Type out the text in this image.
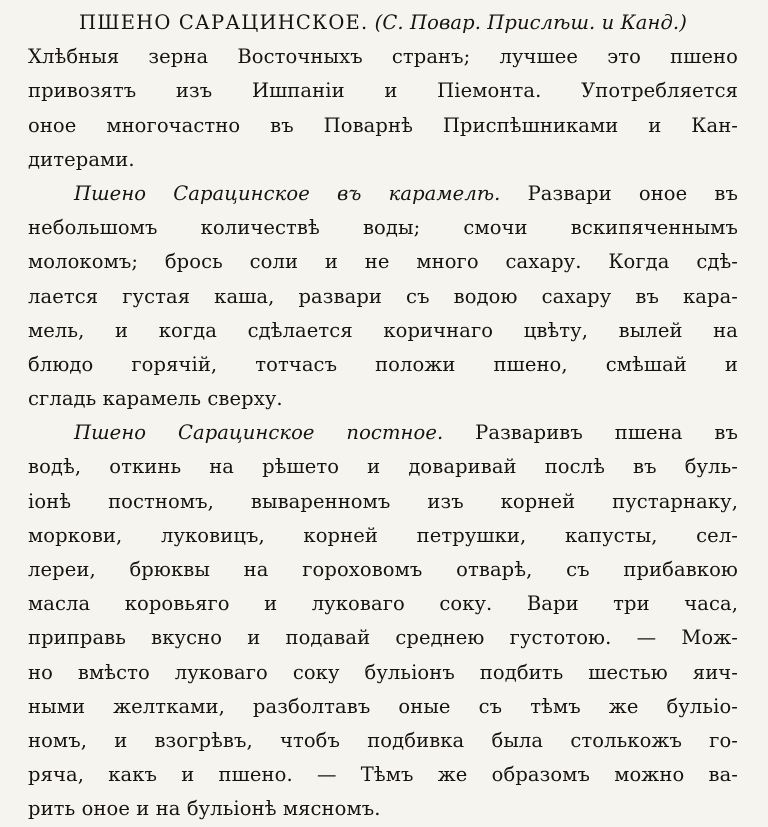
ПШЕНО САРАЦИНСКОЕ. (С. Повар. Прислѣш. и Канд.)
Хлѣбныя зерна Восточныхъ странъ; лучшее это пшено
привозятъ изъ Ишпаніи и Піемонта. Употребляется
оное многочастно въ Поварнѣ Приспѣшниками и Кан-
дитерами.
Пшено Сарацинское въ карамелѣ. Развари оное въ
небольшомъ количествѣ воды; смочи вскипяченнымъ
молокомъ; брось соли и не много сахару. Когда сдѣ-
лается густая каша, развари съ водою сахару въ кара-
мель, и когда сдѣлается коричнаго цвѣту, вылей на
блюдо горячій, тотчасъ положи пшено, смѣшай и
сгладь карамель сверху.
Пшено Сарацинское постное. Разваривъ пшена въ
водѣ, откинь на рѣшето и доваривай послѣ въ буль-
іонѣ постномъ, вываренномъ изъ корней пустарнаку,
моркови, луковицъ, корней петрушки, капусты, сел-
лереи, брюквы на гороховомъ отварѣ, съ прибавкою
масла коровьяго и луковаго соку. Вари три часа,
приправь вкусно и подавай среднею густотою. — Мож-
но вмѣсто луковаго соку бульіонъ подбить шестью яич-
ными желтками, разболтавъ оные съ тѣмъ же бульіо-
номъ, и взогрѣвъ, чтобъ подбивка была столькожъ го-
ряча, какъ и пшено. — Тѣмъ же образомъ можно ва-
рить оное и на бульіонѣ мясномъ.
